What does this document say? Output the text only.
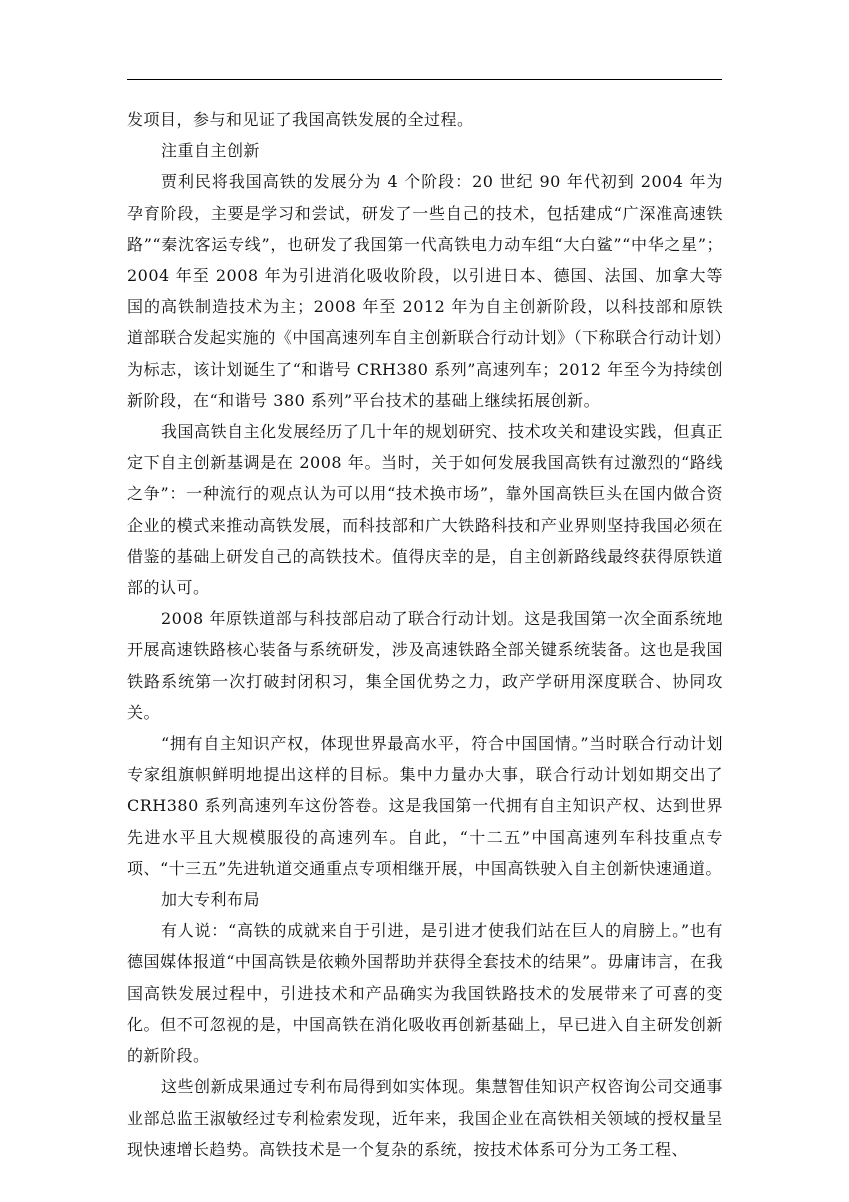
发项目，参与和见证了我国高铁发展的全过程。

注重自主创新

贾利民将我国高铁的发展分为 4 个阶段：20 世纪 90 年代初到 2004 年为孕育阶段，主要是学习和尝试，研发了一些自己的技术，包括建成“广深准高速铁路”“秦沈客运专线”，也研发了我国第一代高铁电力动车组“大白鲨”“中华之星”；2004 年至 2008 年为引进消化吸收阶段，以引进日本、德国、法国、加拿大等国的高铁制造技术为主；2008 年至 2012 年为自主创新阶段，以科技部和原铁道部联合发起实施的《中国高速列车自主创新联合行动计划》（下称联合行动计划）为标志，该计划诞生了“和谐号 CRH380 系列”高速列车；2012 年至今为持续创新阶段，在“和谐号 380 系列”平台技术的基础上继续拓展创新。

我国高铁自主化发展经历了几十年的规划研究、技术攻关和建设实践，但真正定下自主创新基调是在 2008 年。当时，关于如何发展我国高铁有过激烈的“路线之争”：一种流行的观点认为可以用“技术换市场”，靠外国高铁巨头在国内做合资企业的模式来推动高铁发展，而科技部和广大铁路科技和产业界则坚持我国必须在借鉴的基础上研发自己的高铁技术。值得庆幸的是，自主创新路线最终获得原铁道部的认可。

2008 年原铁道部与科技部启动了联合行动计划。这是我国第一次全面系统地开展高速铁路核心装备与系统研发，涉及高速铁路全部关键系统装备。这也是我国铁路系统第一次打破封闭积习，集全国优势之力，政产学研用深度联合、协同攻关。

“拥有自主知识产权，体现世界最高水平，符合中国国情。”当时联合行动计划专家组旗帜鲜明地提出这样的目标。集中力量办大事，联合行动计划如期交出了 CRH380 系列高速列车这份答卷。这是我国第一代拥有自主知识产权、达到世界先进水平且大规模服役的高速列车。自此，“十二五”中国高速列车科技重点专项、“十三五”先进轨道交通重点专项相继开展，中国高铁驶入自主创新快速通道。

加大专利布局

有人说：“高铁的成就来自于引进，是引进才使我们站在巨人的肩膀上。”也有德国媒体报道“中国高铁是依赖外国帮助并获得全套技术的结果”。毋庸讳言，在我国高铁发展过程中，引进技术和产品确实为我国铁路技术的发展带来了可喜的变化。但不可忽视的是，中国高铁在消化吸收再创新基础上，早已进入自主研发创新的新阶段。

这些创新成果通过专利布局得到如实体现。集慧智佳知识产权咨询公司交通事业部总监王淑敏经过专利检索发现，近年来，我国企业在高铁相关领域的授权量呈现快速增长趋势。高铁技术是一个复杂的系统，按技术体系可分为工务工程、
